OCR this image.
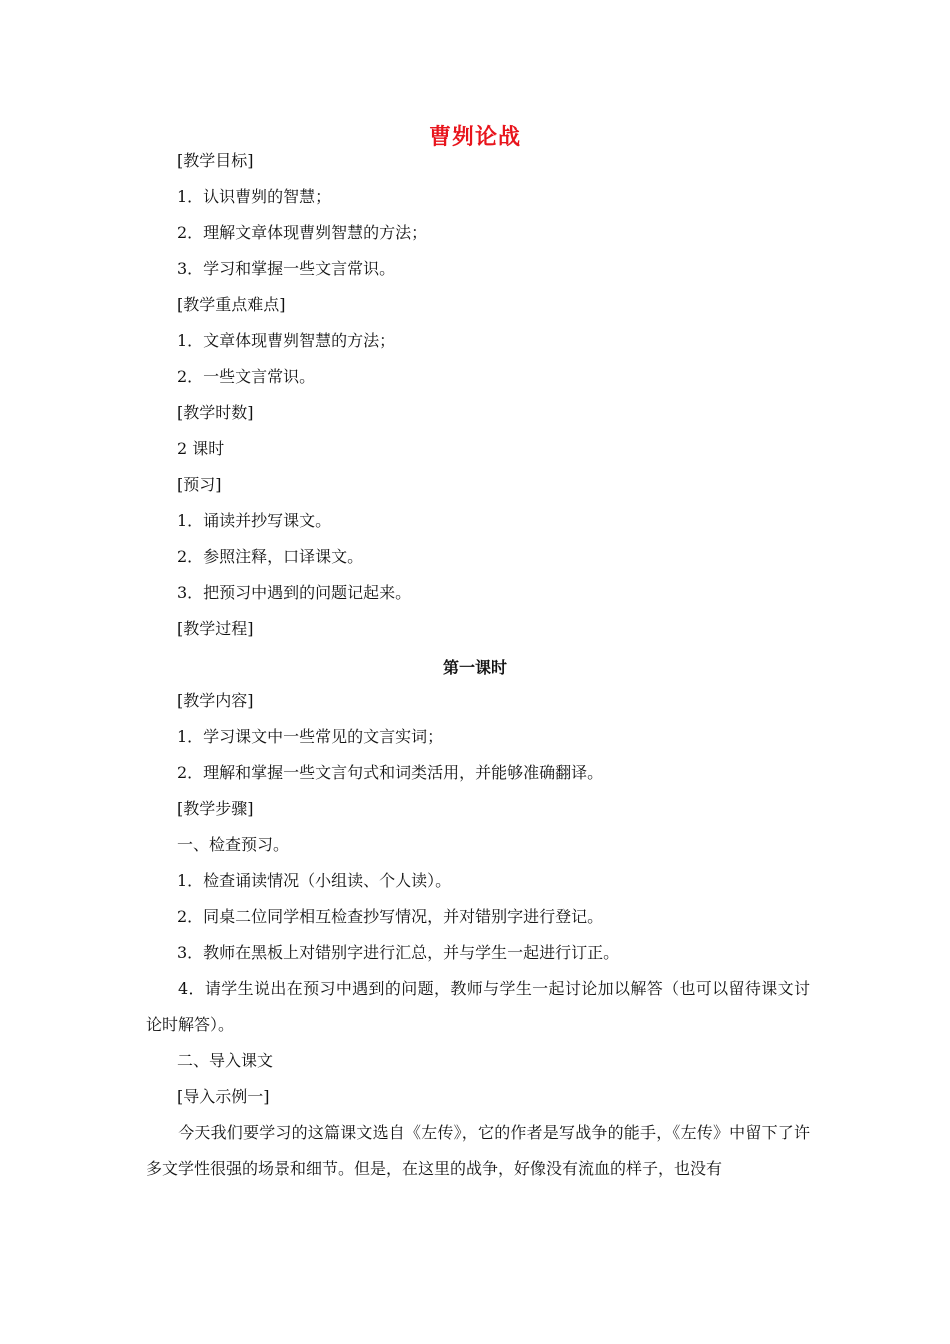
曹刿论战
[教学目标]
1．认识曹刿的智慧；
2．理解文章体现曹刿智慧的方法；
3．学习和掌握一些文言常识。
[教学重点难点]
1．文章体现曹刿智慧的方法；
2．一些文言常识。
[教学时数]
2 课时
[预习]
1．诵读并抄写课文。
2．参照注释，口译课文。
3．把预习中遇到的问题记起来。
[教学过程]
第一课时
[教学内容]
1．学习课文中一些常见的文言实词；
2．理解和掌握一些文言句式和词类活用，并能够准确翻译。
[教学步骤]
一、检查预习。
1．检查诵读情况（小组读、个人读）。
2．同桌二位同学相互检查抄写情况，并对错别字进行登记。
3．教师在黑板上对错别字进行汇总，并与学生一起进行订正。
4．请学生说出在预习中遇到的问题，教师与学生一起讨论加以解答（也可以留待课文讨论时解答）。
二、导入课文
[导入示例一]
今天我们要学习的这篇课文选自《左传》，它的作者是写战争的能手，《左传》中留下了许多文学性很强的场景和细节。但是，在这里的战争，好像没有流血的样子，也没有
